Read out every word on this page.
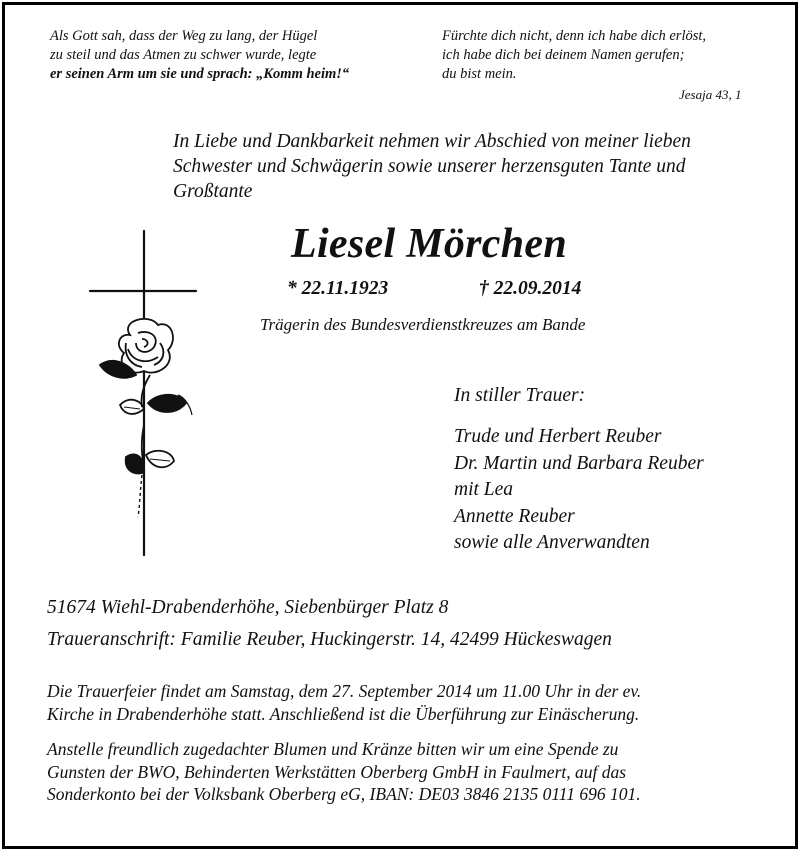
Als Gott sah, dass der Weg zu lang, der Hügel
zu steil und das Atmen zu schwer wurde, legte
er seinen Arm um sie und sprach: „Komm heim!“
Fürchte dich nicht, denn ich habe dich erlöst,
ich habe dich bei deinem Namen gerufen;
du bist mein.
Jesaja 43, 1
In Liebe und Dankbarkeit nehmen wir Abschied von meiner lieben
Schwester und Schwägerin sowie unserer herzensguten Tante und
Großtante
Liesel Mörchen
* 22.11.1923	† 22.09.2014
Trägerin des Bundesverdienstkreuzes am Bande
In stiller Trauer:
Trude und Herbert Reuber
Dr. Martin und Barbara Reuber
mit Lea
Annette Reuber
sowie alle Anverwandten
51674 Wiehl-Drabenderhöhe, Siebenbürger Platz 8
Traueranschrift: Familie Reuber, Huckingerstr. 14, 42499 Hückeswagen
Die Trauerfeier findet am Samstag, dem 27. September 2014 um 11.00 Uhr in der ev.
Kirche in Drabenderhöhe statt. Anschließend ist die Überführung zur Einäscherung.
Anstelle freundlich zugedachter Blumen und Kränze bitten wir um eine Spende zu
Gunsten der BWO, Behinderten Werkstätten Oberberg GmbH in Faulmert, auf das
Sonderkonto bei der Volksbank Oberberg eG, IBAN: DE03 3846 2135 0111 696 101.
